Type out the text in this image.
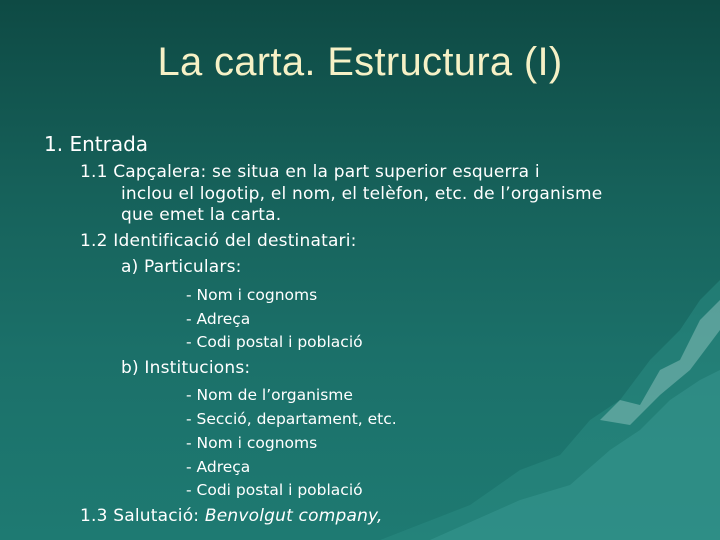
La carta. Estructura (I)

1. Entrada

1.1 Capçalera: se situa en la part superior esquerra i

inclou el logotip, el nom, el telèfon, etc. de l’organisme

que emet la carta.

1.2 Identificació del destinatari:

a) Particulars:

- Nom i cognoms

- Adreça

- Codi postal i població

b) Institucions:

- Nom de l’organisme

- Secció, departament, etc.

- Nom i cognoms

- Adreça

- Codi postal i població

1.3 Salutació: Benvolgut company,
